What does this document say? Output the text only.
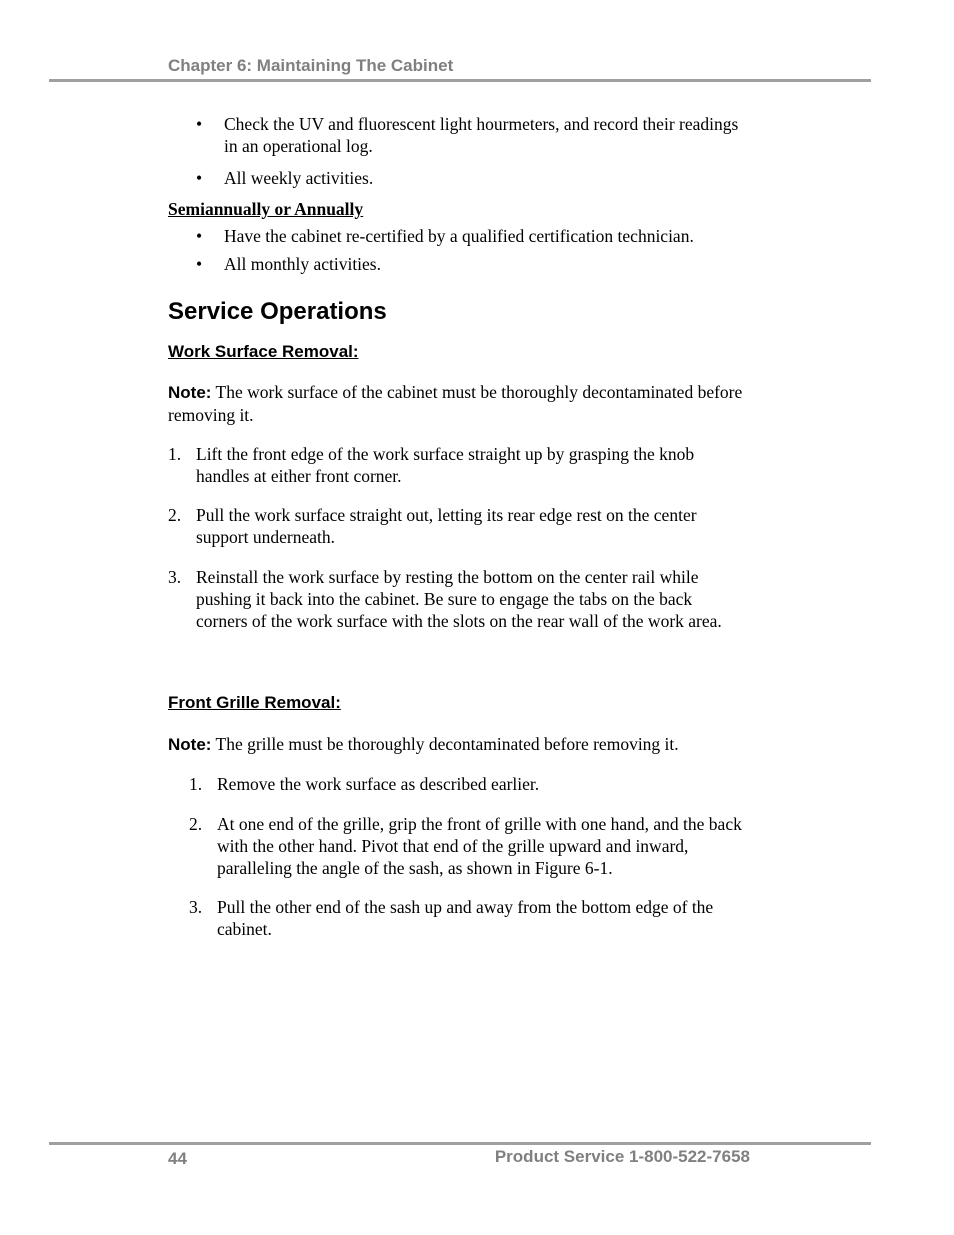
Chapter 6: Maintaining The Cabinet
•	Check the UV and fluorescent light hourmeters, and record their readings in an operational log.
•	All weekly activities.
Semiannually or Annually
•	Have the cabinet re-certified by a qualified certification technician.
•	All monthly activities.
Service Operations
Work Surface Removal:
Note: The work surface of the cabinet must be thoroughly decontaminated before removing it.
1. Lift the front edge of the work surface straight up by grasping the knob handles at either front corner.
2. Pull the work surface straight out, letting its rear edge rest on the center support underneath.
3. Reinstall the work surface by resting the bottom on the center rail while pushing it back into the cabinet. Be sure to engage the tabs on the back corners of the work surface with the slots on the rear wall of the work area.
Front Grille Removal:
Note: The grille must be thoroughly decontaminated before removing it.
1. Remove the work surface as described earlier.
2. At one end of the grille, grip the front of grille with one hand, and the back with the other hand. Pivot that end of the grille upward and inward, paralleling the angle of the sash, as shown in Figure 6-1.
3. Pull the other end of the sash up and away from the bottom edge of the cabinet.
44	Product Service 1-800-522-7658
